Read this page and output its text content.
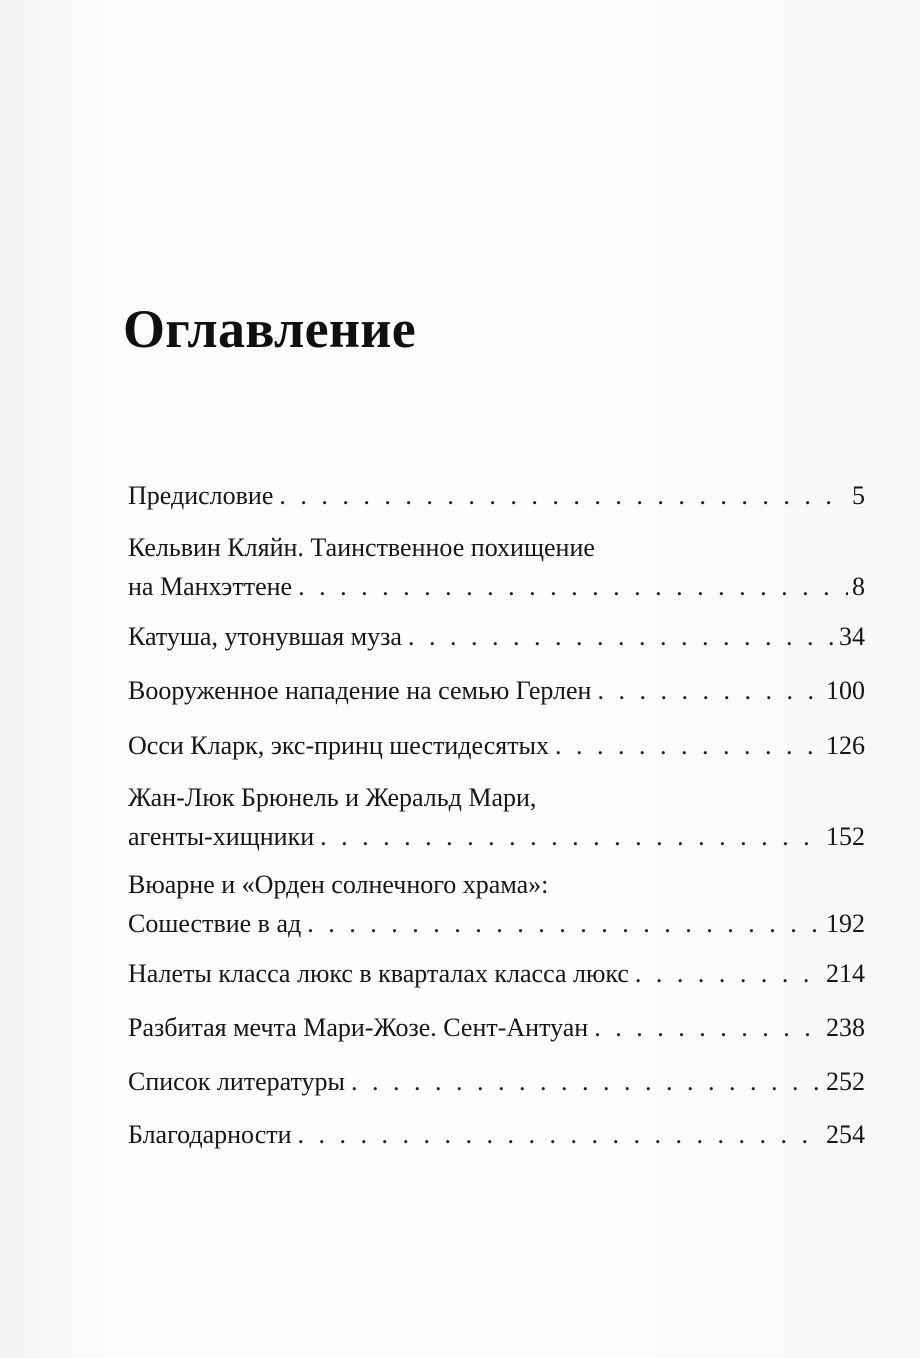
Оглавление
Предисловие . . .	5
Кельвин Кляйн. Таинственное похищение
на Манхэттене . . .	8
Катуша, утонувшая муза . . .	34
Вооруженное нападение на семью Герлен . . .	100
Осси Кларк, экс-принц шестидесятых . . .	126
Жан-Люк Брюнель и Жеральд Мари,
агенты-хищники . . .	152
Вюарне и «Орден солнечного храма»:
Сошествие в ад . . .	192
Налеты класса люкс в кварталах класса люкс . . .	214
Разбитая мечта Мари-Жозе. Сент-Антуан . . .	238
Список литературы . . .	252
Благодарности . . .	254
